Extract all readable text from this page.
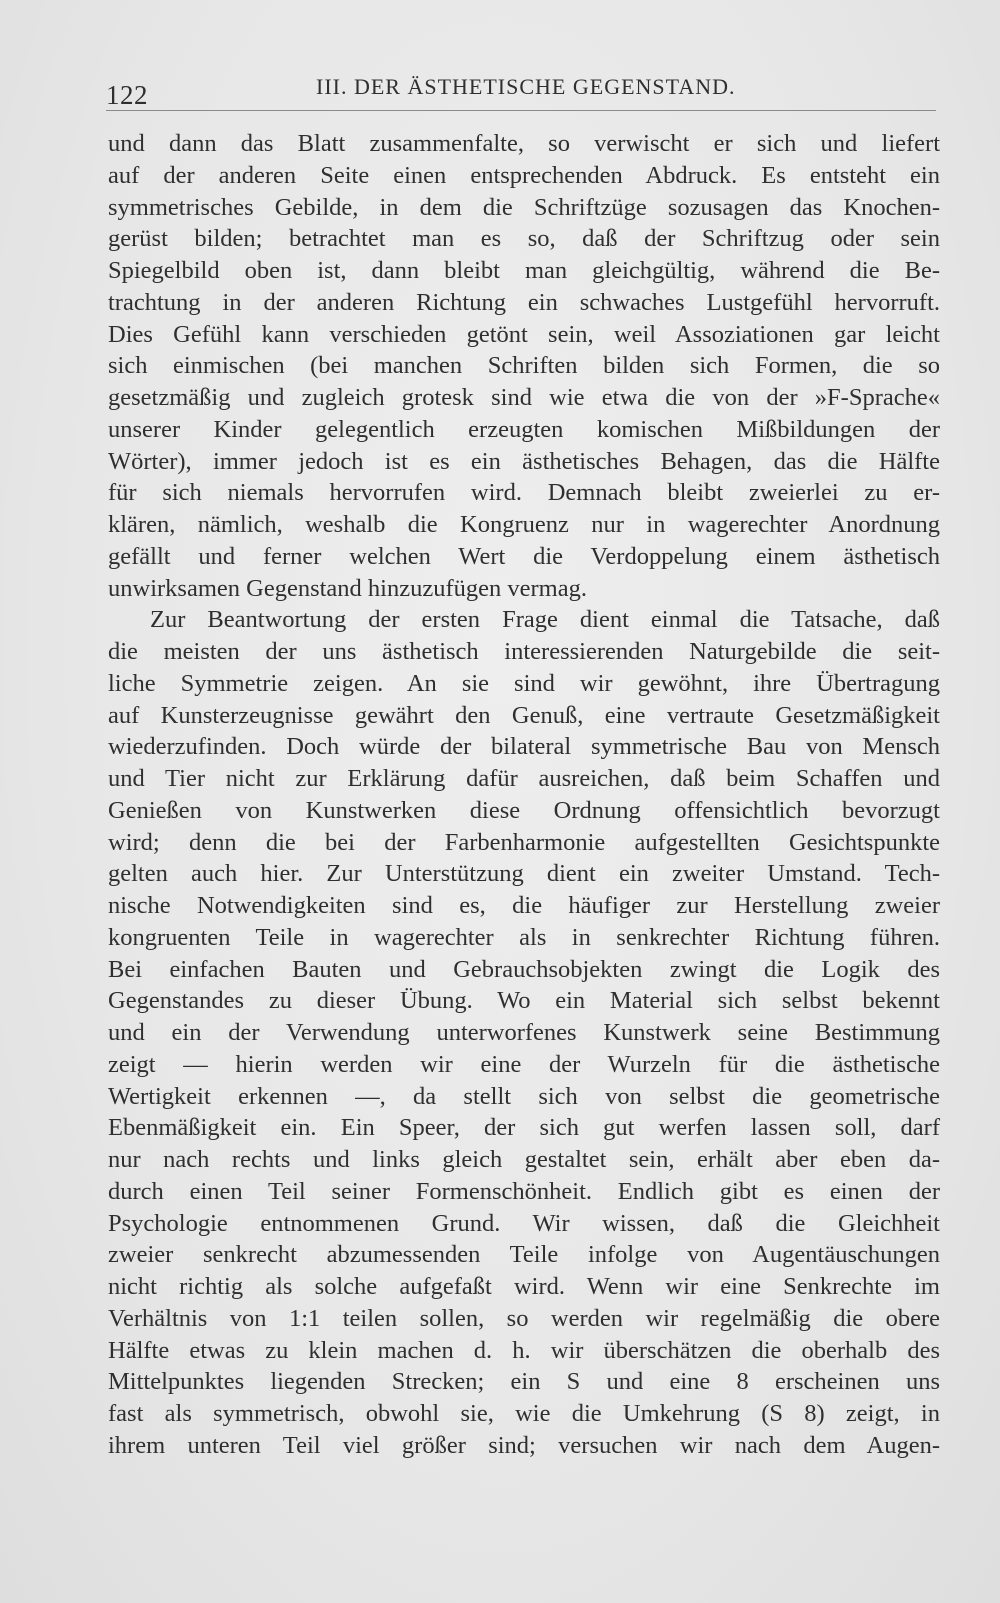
122	III. DER ÄSTHETISCHE GEGENSTAND.
und dann das Blatt zusammenfalte, so verwischt er sich und liefert
auf der anderen Seite einen entsprechenden Abdruck. Es entsteht ein
symmetrisches Gebilde, in dem die Schriftzüge sozusagen das Knochen-
gerüst bilden; betrachtet man es so, daß der Schriftzug oder sein
Spiegelbild oben ist, dann bleibt man gleichgültig, während die Be-
trachtung in der anderen Richtung ein schwaches Lustgefühl hervorruft.
Dies Gefühl kann verschieden getönt sein, weil Assoziationen gar leicht
sich einmischen (bei manchen Schriften bilden sich Formen, die so
gesetzmäßig und zugleich grotesk sind wie etwa die von der »F-Sprache«
unserer Kinder gelegentlich erzeugten komischen Mißbildungen der
Wörter), immer jedoch ist es ein ästhetisches Behagen, das die Hälfte
für sich niemals hervorrufen wird. Demnach bleibt zweierlei zu er-
klären, nämlich, weshalb die Kongruenz nur in wagerechter Anordnung
gefällt und ferner welchen Wert die Verdoppelung einem ästhetisch
unwirksamen Gegenstand hinzuzufügen vermag.
Zur Beantwortung der ersten Frage dient einmal die Tatsache, daß
die meisten der uns ästhetisch interessierenden Naturgebilde die seit-
liche Symmetrie zeigen. An sie sind wir gewöhnt, ihre Übertragung
auf Kunsterzeugnisse gewährt den Genuß, eine vertraute Gesetzmäßigkeit
wiederzufinden. Doch würde der bilateral symmetrische Bau von Mensch
und Tier nicht zur Erklärung dafür ausreichen, daß beim Schaffen und
Genießen von Kunstwerken diese Ordnung offensichtlich bevorzugt
wird; denn die bei der Farbenharmonie aufgestellten Gesichtspunkte
gelten auch hier. Zur Unterstützung dient ein zweiter Umstand. Tech-
nische Notwendigkeiten sind es, die häufiger zur Herstellung zweier
kongruenten Teile in wagerechter als in senkrechter Richtung führen.
Bei einfachen Bauten und Gebrauchsobjekten zwingt die Logik des
Gegenstandes zu dieser Übung. Wo ein Material sich selbst bekennt
und ein der Verwendung unterworfenes Kunstwerk seine Bestimmung
zeigt — hierin werden wir eine der Wurzeln für die ästhetische
Wertigkeit erkennen —, da stellt sich von selbst die geometrische
Ebenmäßigkeit ein. Ein Speer, der sich gut werfen lassen soll, darf
nur nach rechts und links gleich gestaltet sein, erhält aber eben da-
durch einen Teil seiner Formenschönheit. Endlich gibt es einen der
Psychologie entnommenen Grund. Wir wissen, daß die Gleichheit
zweier senkrecht abzumessenden Teile infolge von Augentäuschungen
nicht richtig als solche aufgefaßt wird. Wenn wir eine Senkrechte im
Verhältnis von 1:1 teilen sollen, so werden wir regelmäßig die obere
Hälfte etwas zu klein machen d. h. wir überschätzen die oberhalb des
Mittelpunktes liegenden Strecken; ein S und eine 8 erscheinen uns
fast als symmetrisch, obwohl sie, wie die Umkehrung (S 8) zeigt, in
ihrem unteren Teil viel größer sind; versuchen wir nach dem Augen-
